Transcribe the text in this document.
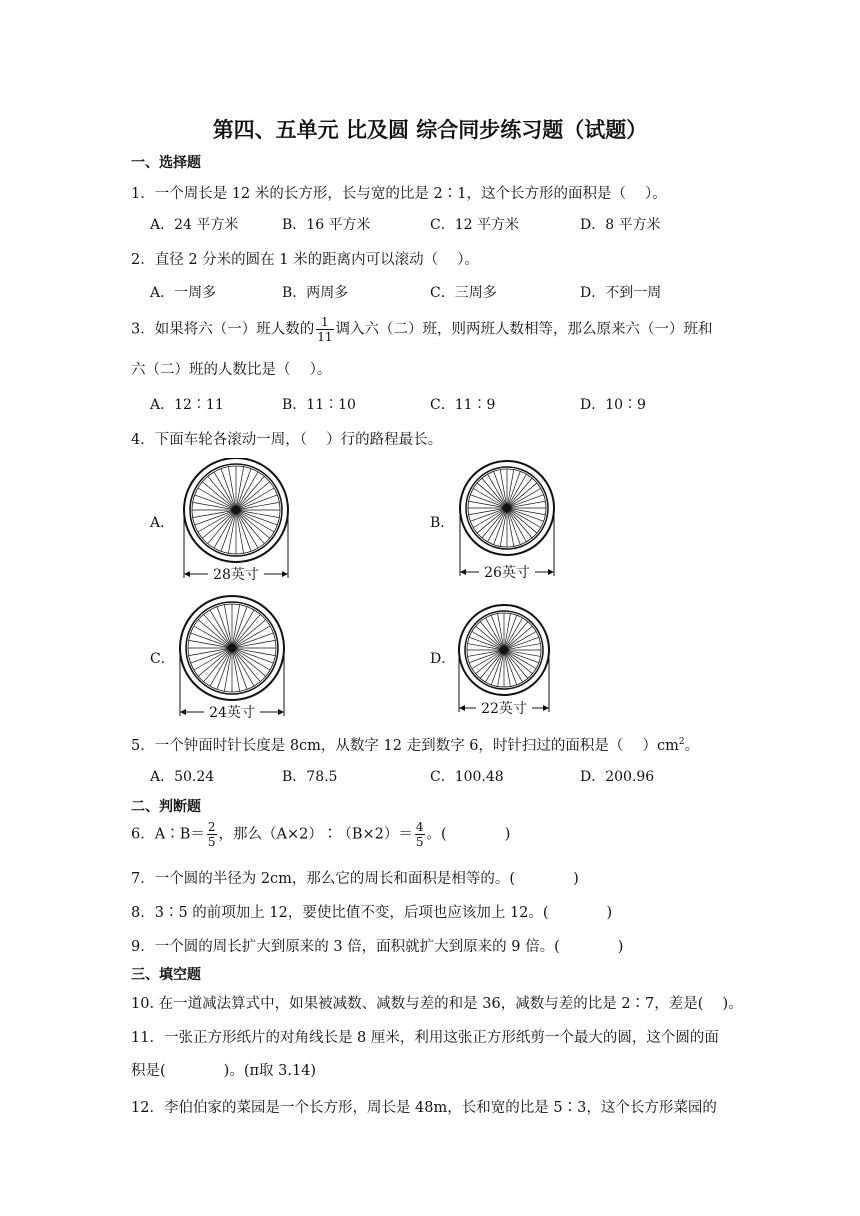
第四、五单元 比及圆 综合同步练习题（试题）
一、选择题
1．一个周长是 12 米的长方形，长与宽的比是 2∶1，这个长方形的面积是（　 ）。
A．24 平方米	B．16 平方米	C．12 平方米	D．8 平方米
2．直径 2 分米的圆在 1 米的距离内可以滚动（　 ）。
A．一周多	B．两周多	C．三周多	D．不到一周
3．如果将六（一）班人数的 $\frac{1}{11}$ 调入六（二）班，则两班人数相等，那么原来六（一）班和
六（二）班的人数比是（　 ）。
A．12∶11	B．11∶10	C．11∶9	D．10∶9
4．下面车轮各滚动一周，（　 ）行的路程最长。
A．
28英寸
B．
26英寸
C．
24英寸
D．
22英寸
5．一个钟面时针长度是 8cm，从数字 12 走到数字 6，时针扫过的面积是（　 ）$cm^2$。
A．50.24	B．78.5	C．100.48	D．200.96
二、判断题
6．A∶B＝ $\frac{2}{5}$ ，那么（A×2）∶（B×2）＝ $\frac{4}{5}$ 。(　　　　)
7．一个圆的半径为 2cm，那么它的周长和面积是相等的。(　　　　)
8．3∶5 的前项加上 12，要使比值不变，后项也应该加上 12。(　　　　)
9．一个圆的周长扩大到原来的 3 倍，面积就扩大到原来的 9 倍。(　　　　)
三、填空题
10. 在一道减法算式中，如果被减数、减数与差的和是 36，减数与差的比是 2∶7，差是(　 )。
11．一张正方形纸片的对角线长是 8 厘米，利用这张正方形纸剪一个最大的圆，这个圆的面
积是(　　　　)。(π取 3.14)
12．李伯伯家的菜园是一个长方形，周长是 48m，长和宽的比是 5∶3，这个长方形菜园的
